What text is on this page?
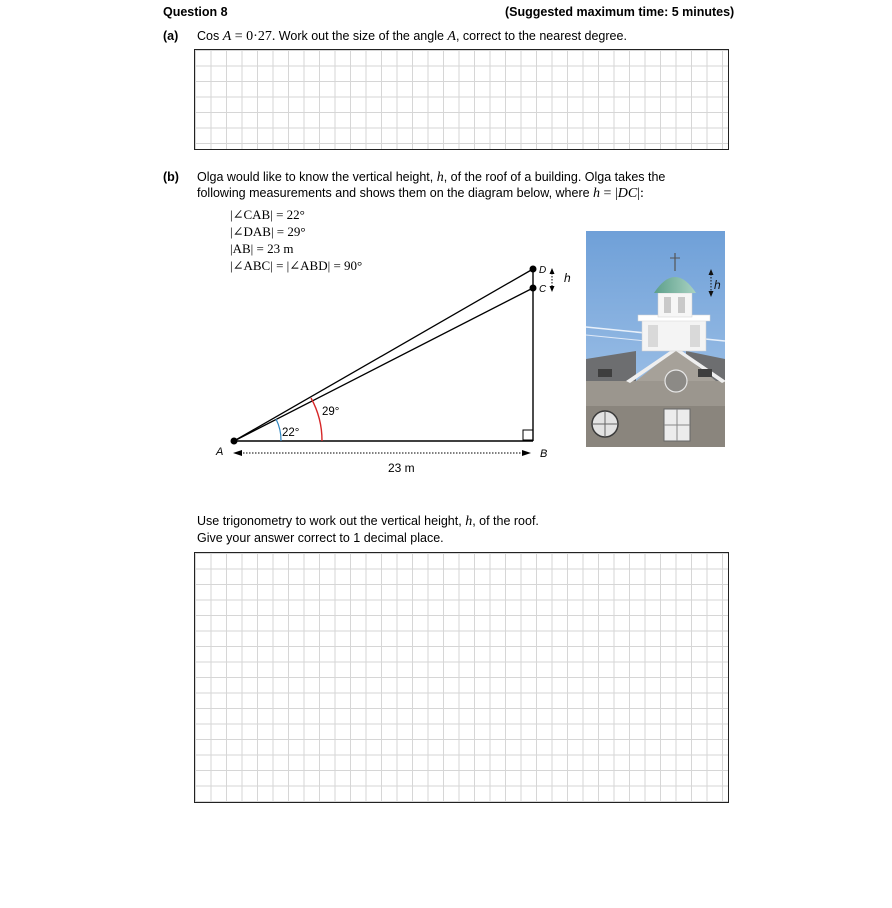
Question 8	(Suggested maximum time: 5 minutes)
(a) Cos A = 0·27. Work out the size of the angle A, correct to the nearest degree.
(b) Olga would like to know the vertical height, h, of the roof of a building. Olga takes the
following measurements and shows them on the diagram below, where h = |DC|:
|∠CAB| = 22°
|∠DAB| = 29°
|AB| = 23 m
|∠ABC| = |∠ABD| = 90°
A	B
D
C
h
22°
29°
23 m
h
Use trigonometry to work out the vertical height, h, of the roof.
Give your answer correct to 1 decimal place.
